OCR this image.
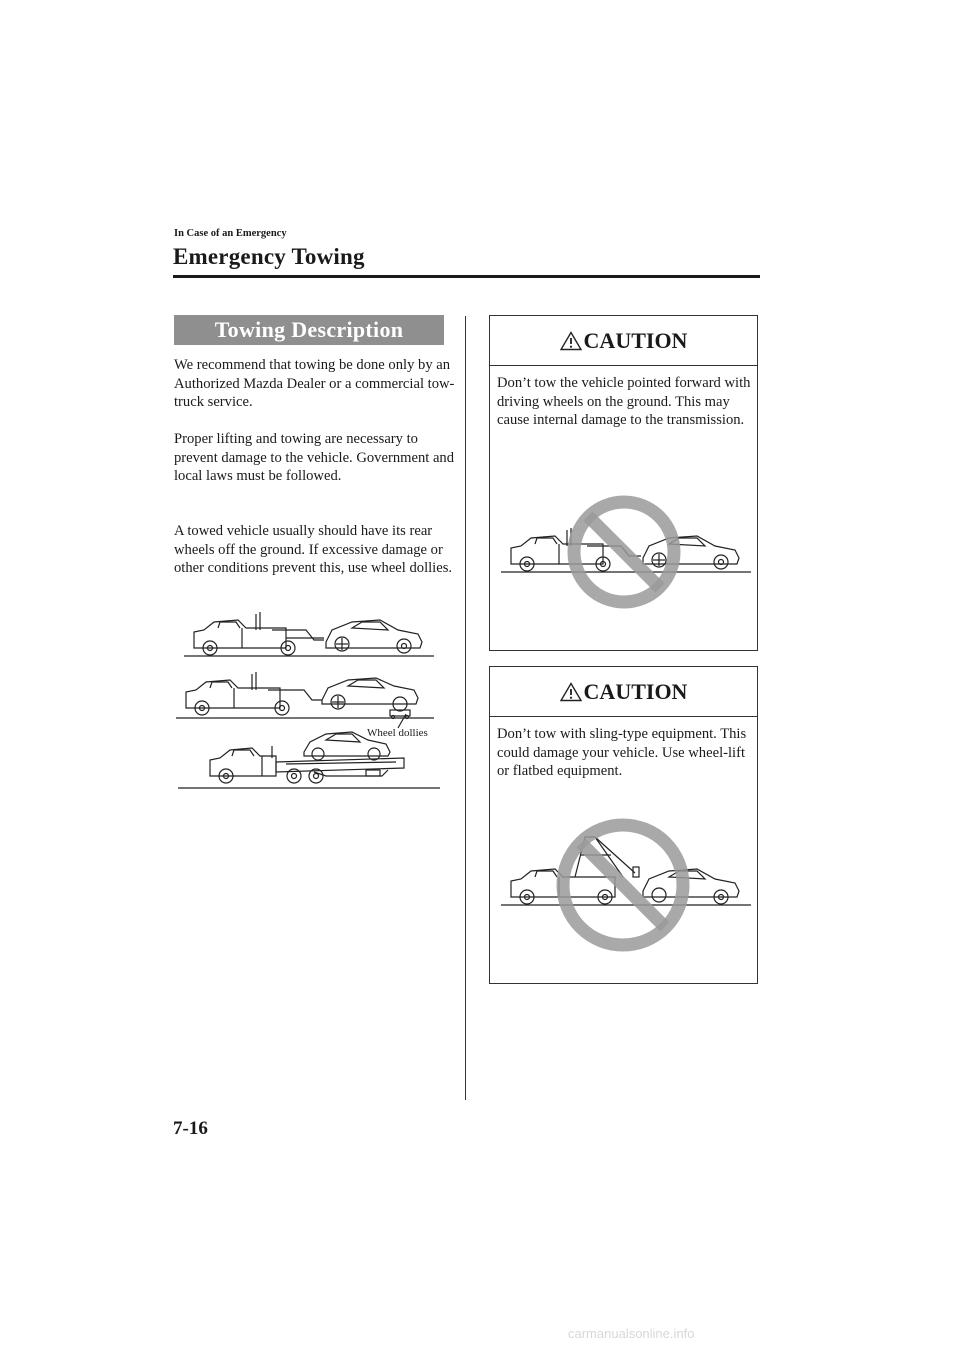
In Case of an Emergency
Emergency Towing
Towing Description
We recommend that towing be done only by an Authorized Mazda Dealer or a commercial tow-truck service.
Proper lifting and towing are necessary to prevent damage to the vehicle. Government and local laws must be followed.
A towed vehicle usually should have its rear wheels off the ground. If excessive damage or other conditions prevent this, use wheel dollies.
Wheel dollies
CAUTION
Don’t tow the vehicle pointed forward with driving wheels on the ground. This may cause internal damage to the transmission.
CAUTION
Don’t tow with sling-type equipment. This could damage your vehicle. Use wheel-lift or flatbed equipment.
7-16
carmanualsonline.info
